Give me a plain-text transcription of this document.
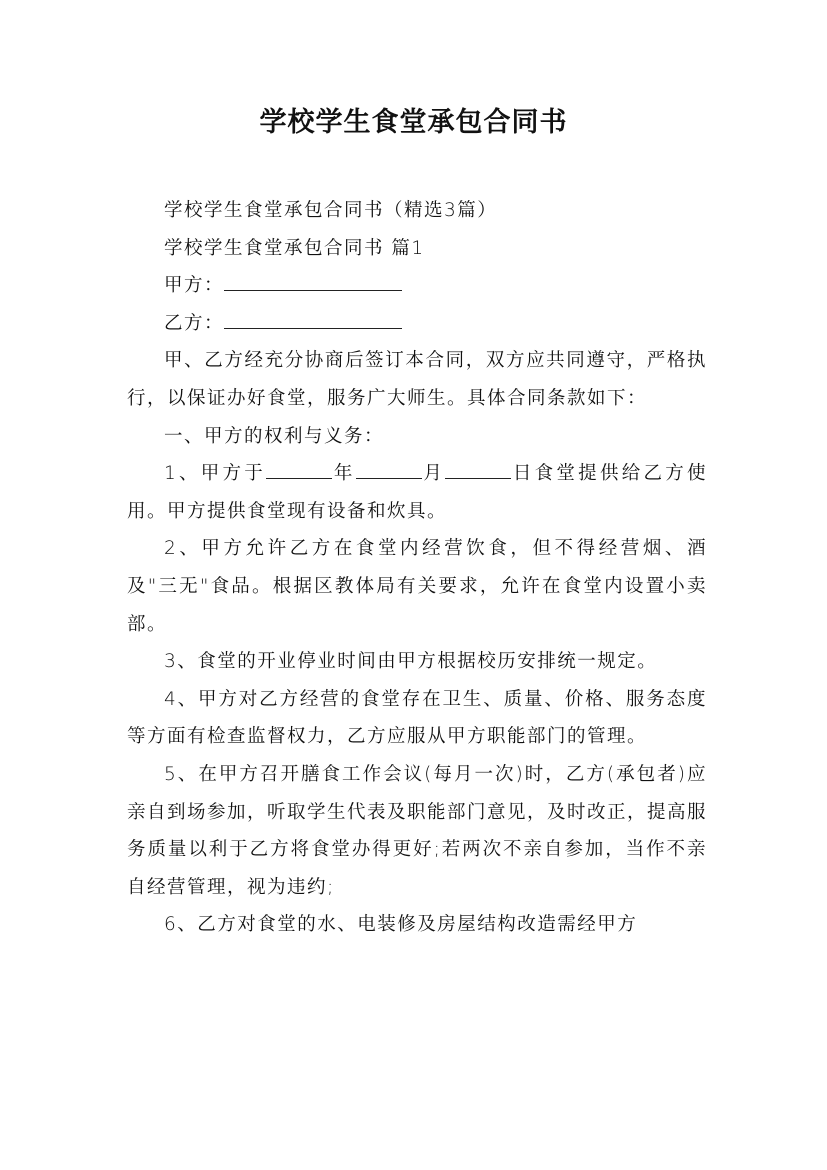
学校学生食堂承包合同书

学校学生食堂承包合同书（精选3篇）

学校学生食堂承包合同书 篇1

甲方：

乙方：

甲、乙方经充分协商后签订本合同，双方应共同遵守，严格执行，以保证办好食堂，服务广大师生。具体合同条款如下：

一、甲方的权利与义务：

1、甲方于	年	月	日食堂提供给乙方使用。甲方提供食堂现有设备和炊具。

2、甲方允许乙方在食堂内经营饮食，但不得经营烟、酒及"三无"食品。根据区教体局有关要求，允许在食堂内设置小卖部。

3、食堂的开业停业时间由甲方根据校历安排统一规定。

4、甲方对乙方经营的食堂存在卫生、质量、价格、服务态度等方面有检查监督权力，乙方应服从甲方职能部门的管理。

5、在甲方召开膳食工作会议(每月一次)时，乙方(承包者)应亲自到场参加，听取学生代表及职能部门意见，及时改正，提高服务质量以利于乙方将食堂办得更好;若两次不亲自参加，当作不亲自经营管理，视为违约;

6、乙方对食堂的水、电装修及房屋结构改造需经甲方
